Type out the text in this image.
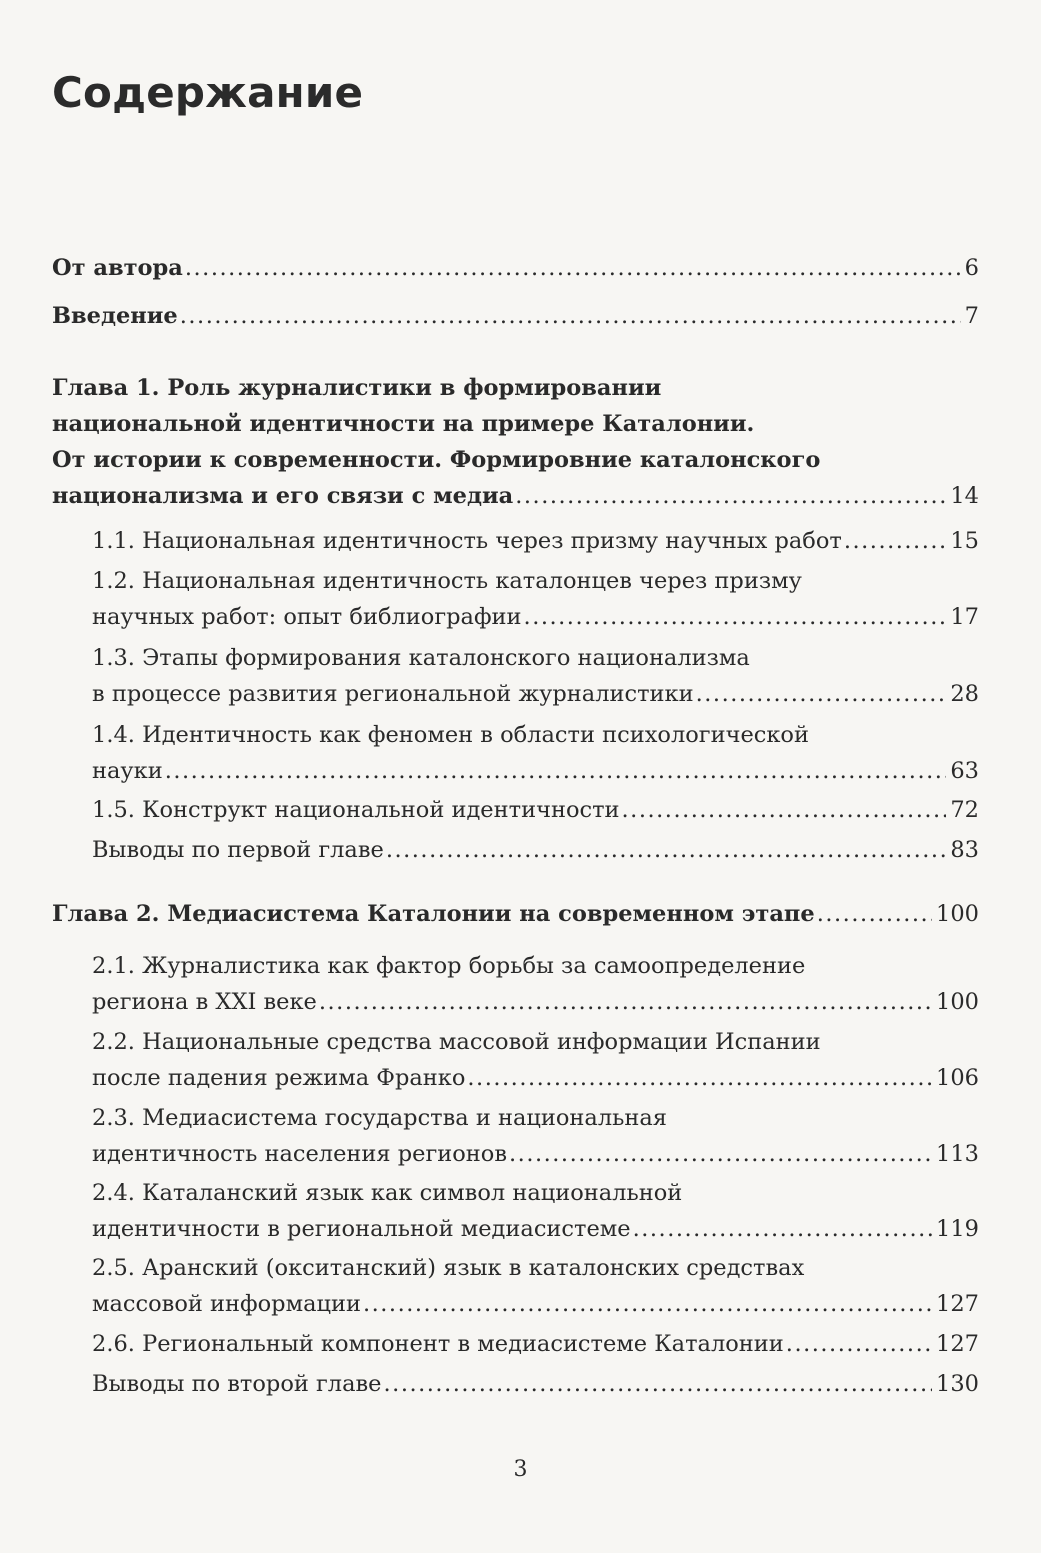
Содержание
От автора .....	6
Введение .....	7
Глава 1. Роль журналистики в формировании
национальной идентичности на примере Каталонии.
От истории к современности. Формировние каталонского
национализма и его связи с медиа .....	14
1.1. Национальная идентичность через призму научных работ .....	15
1.2. Национальная идентичность каталонцев через призму
научных работ: опыт библиографии .....	17
1.3. Этапы формирования каталонского национализма
в процессе развития региональной журналистики .....	28
1.4. Идентичность как феномен в области психологической
науки .....	63
1.5. Конструкт национальной идентичности .....	72
Выводы по первой главе .....	83
Глава 2. Медиасистема Каталонии на современном этапе .....	100
2.1. Журналистика как фактор борьбы за самоопределение
региона в XXI веке .....	100
2.2. Национальные средства массовой информации Испании
после падения режима Франко .....	106
2.3. Медиасистема государства и национальная
идентичность населения регионов .....	113
2.4. Каталанский язык как символ национальной
идентичности в региональной медиасистеме .....	119
2.5. Аранский (окситанский) язык в каталонских средствах
массовой информации .....	127
2.6. Региональный компонент в медиасистеме Каталонии .....	127
Выводы по второй главе .....	130
3
